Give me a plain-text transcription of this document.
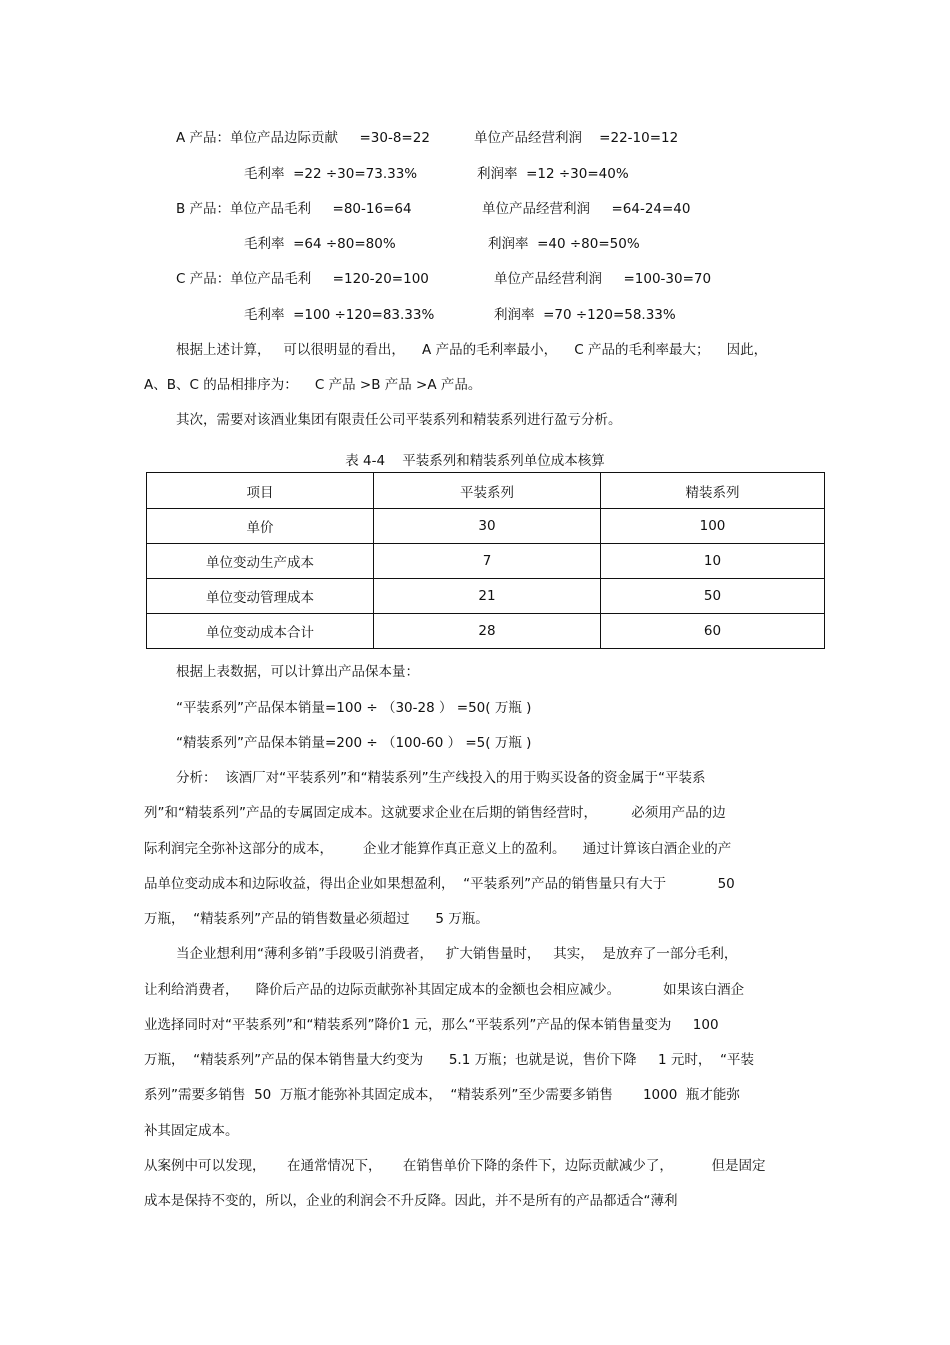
A 产品：单位产品边际贡献     =30-8=22	单位产品经营利润    =22-10=12
毛利率  =22 ÷30=73.33%	利润率  =12 ÷30=40%
B 产品：单位产品毛利     =80-16=64	单位产品经营利润     =64-24=40
毛利率  =64 ÷80=80%	利润率  =40 ÷80=50%
C 产品：单位产品毛利     =120-20=100	单位产品经营利润     =100-30=70
毛利率  =100 ÷120=83.33%	利润率  =70 ÷120=58.33%
根据上述计算，   可以很明显的看出，    A 产品的毛利率最小，    C 产品的毛利率最大；    因此，
A、B、C 的品相排序为：    C 产品 >B 产品 >A 产品。
其次，需要对该酒业集团有限责任公司平装系列和精装系列进行盈亏分析。
表 4-4    平装系列和精装系列单位成本核算
项目	平装系列	精装系列
单价	30	100
单位变动生产成本	7	10
单位变动管理成本	21	50
单位变动成本合计	28	60
根据上表数据，可以计算出产品保本量：
“平装系列”产品保本销量=100 ÷ （30-28 ） =50( 万瓶 )
“精装系列”产品保本销量=200 ÷ （100-60 ） =5( 万瓶 )
分析：  该酒厂对“平装系列”和“精装系列”生产线投入的用于购买设备的资金属于“平装系
列”和“精装系列”产品的专属固定成本。这就要求企业在后期的销售经营时，        必须用产品的边
际利润完全弥补这部分的成本，       企业才能算作真正意义上的盈利。    通过计算该白酒企业的产
品单位变动成本和边际收益，得出企业如果想盈利，  “平装系列”产品的销售量只有大于            50
万瓶，  “精装系列”产品的销售数量必须超过      5 万瓶。
当企业想利用“薄利多销”手段吸引消费者，   扩大销售量时，   其实，  是放弃了一部分毛利，
让利给消费者，    降价后产品的边际贡献弥补其固定成本的金额也会相应减少。          如果该白酒企
业选择同时对“平装系列”和“精装系列”降价1 元，那么“平装系列”产品的保本销售量变为     100
万瓶，  “精装系列”产品的保本销售量大约变为      5.1 万瓶；也就是说，售价下降     1 元时，  “平装
系列”需要多销售  50  万瓶才能弥补其固定成本，  “精装系列”至少需要多销售       1000  瓶才能弥
补其固定成本。
从案例中可以发现，     在通常情况下，     在销售单价下降的条件下，边际贡献减少了，         但是固定
成本是保持不变的，所以，企业的利润会不升反降。因此，并不是所有的产品都适合“薄利
